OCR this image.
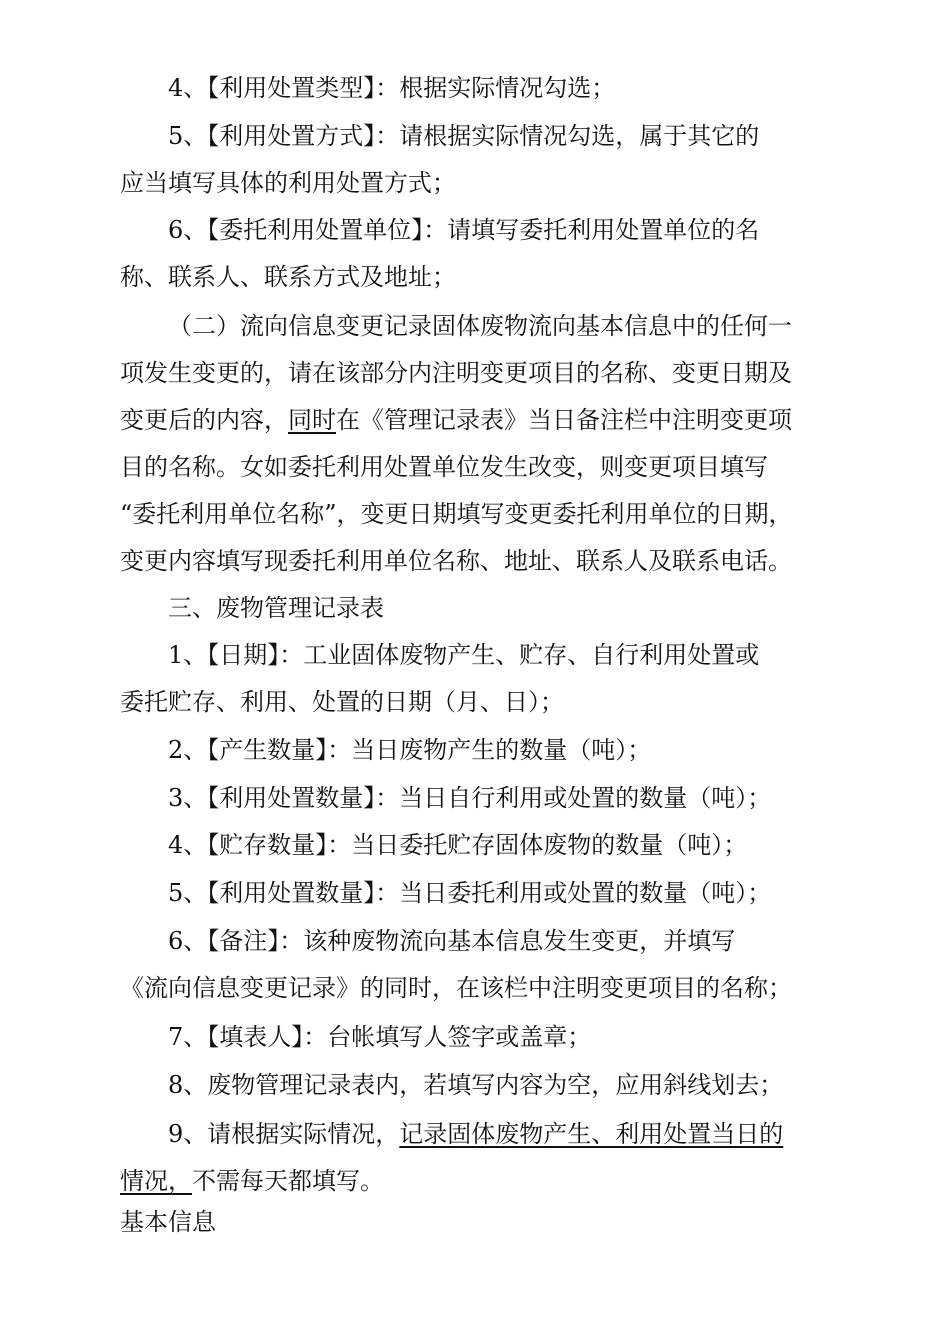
4、【利用处置类型】：根据实际情况勾选；
5、【利用处置方式】：请根据实际情况勾选，属于其它的
应当填写具体的利用处置方式；
6、【委托利用处置单位】：请填写委托利用处置单位的名
称、联系人、联系方式及地址；
（二）流向信息变更记录固体废物流向基本信息中的任何一
项发生变更的，请在该部分内注明变更项目的名称、变更日期及
变更后的内容，同时在《管理记录表》当日备注栏中注明变更项
目的名称。女如委托利用处置单位发生改变，则变更项目填写
“委托利用单位名称”，变更日期填写变更委托利用单位的日期，
变更内容填写现委托利用单位名称、地址、联系人及联系电话。
三、废物管理记录表
1、【日期】：工业固体废物产生、贮存、自行利用处置或
委托贮存、利用、处置的日期（月、日）；
2、【产生数量】：当日废物产生的数量（吨）；
3、【利用处置数量】：当日自行利用或处置的数量（吨）；
4、【贮存数量】：当日委托贮存固体废物的数量（吨）；
5、【利用处置数量】：当日委托利用或处置的数量（吨）；
6、【备注】：该种废物流向基本信息发生变更，并填写
《流向信息变更记录》的同时，在该栏中注明变更项目的名称；
7、【填表人】：台帐填写人签字或盖章；
8、废物管理记录表内，若填写内容为空，应用斜线划去；
9、请根据实际情况，记录固体废物产生、利用处置当日的
情况，不需每天都填写。
基本信息
